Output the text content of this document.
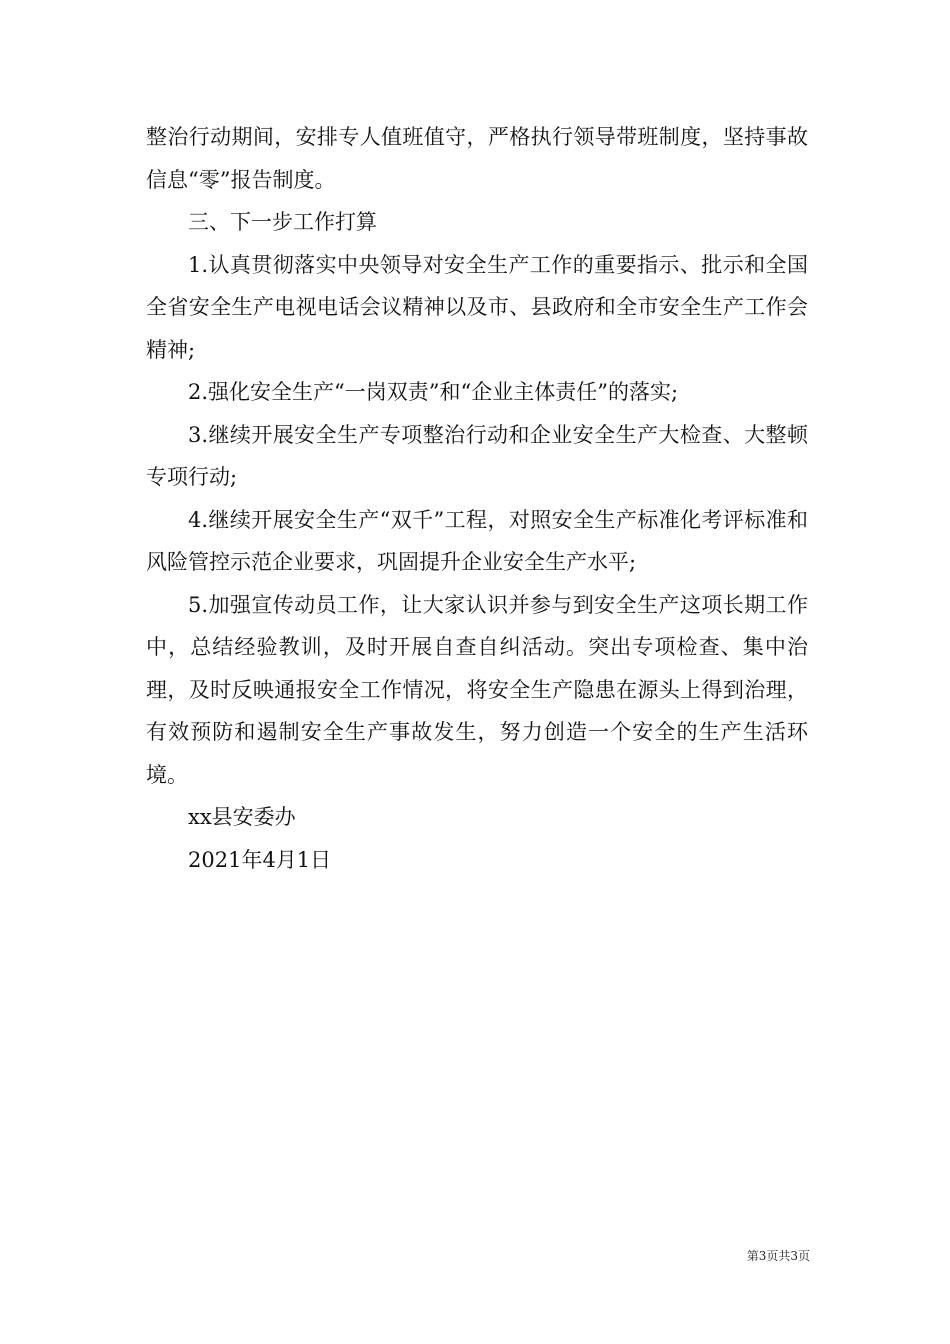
整治行动期间，安排专人值班值守，严格执行领导带班制度，坚持事故信息“零”报告制度。

三、下一步工作打算

1.认真贯彻落实中央领导对安全生产工作的重要指示、批示和全国全省安全生产电视电话会议精神以及市、县政府和全市安全生产工作会精神;

2.强化安全生产“一岗双责”和“企业主体责任”的落实;

3.继续开展安全生产专项整治行动和企业安全生产大检查、大整顿专项行动;

4.继续开展安全生产“双千”工程，对照安全生产标准化考评标准和风险管控示范企业要求，巩固提升企业安全生产水平;

5.加强宣传动员工作，让大家认识并参与到安全生产这项长期工作中，总结经验教训，及时开展自查自纠活动。突出专项检查、集中治理，及时反映通报安全工作情况，将安全生产隐患在源头上得到治理，有效预防和遏制安全生产事故发生，努力创造一个安全的生产生活环境。

xx县安委办

2021年4月1日

第3页共3页
